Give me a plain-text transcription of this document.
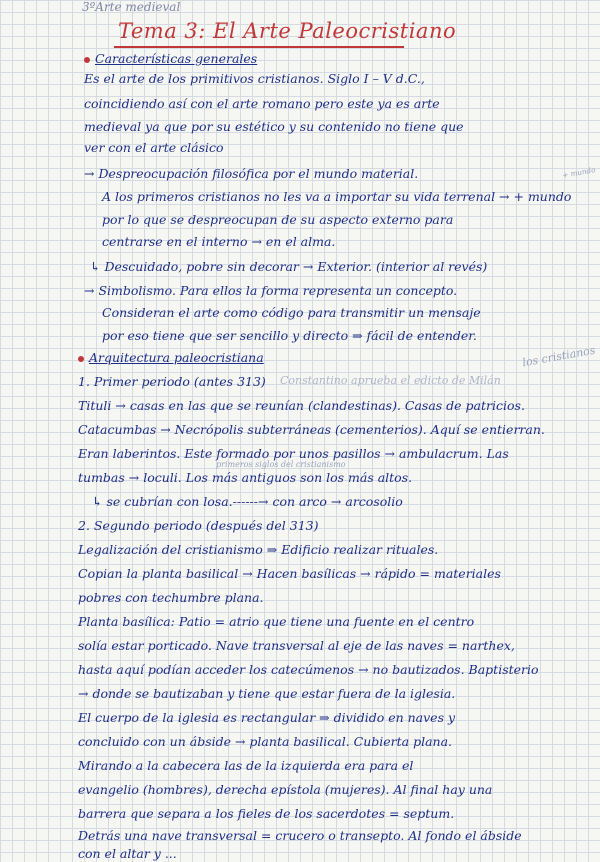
3ºArte medieval
Tema 3: El Arte Paleocristiano
Características generales
Es el arte de los primitivos cristianos. Siglo I – V d.C.,
coincidiendo así con el arte romano pero este ya es arte
medieval ya que por su estético y su contenido no tiene que
ver con el arte clásico
→ Despreocupación filosófica por el mundo material.
A los primeros cristianos no les va a importar su vida terrenal → + mundo
por lo que se despreocupan de su aspecto externo para
centrarse en el interno → en el alma.
↳ Descuidado, pobre sin decorar → Exterior. (interior al revés)
→ Simbolismo. Para ellos la forma representa un concepto.
Consideran el arte como código para transmitir un mensaje
por eso tiene que ser sencillo y directo ⇒ fácil de entender.
Arquitectura paleocristiana
1. Primer periodo (antes 313) Constantino aprueba el edicto de Milán
Tituli → casas en las que se reunían (clandestinas). Casas de patricios.
Catacumbas → Necrópolis subterráneas (cementerios). Aquí se entierran.
Eran laberintos. Este formado por unos pasillos → ambulacrum. Las
primeros siglos del cristianismo
tumbas → loculi. Los más antiguos son los más altos.
↳ se cubrían con losa.------→ con arco → arcosolio
2. Segundo periodo (después del 313)
Legalización del cristianismo ⇒ Edificio realizar rituales.
Copian la planta basilical → Hacen basílicas → rápido = materiales
pobres con techumbre plana.
Planta basílica: Patio = atrio que tiene una fuente en el centro
solía estar porticado. Nave transversal al eje de las naves = narthex,
hasta aquí podían acceder los catecúmenos → no bautizados. Baptisterio
→ donde se bautizaban y tiene que estar fuera de la iglesia.
El cuerpo de la iglesia es rectangular ⇒ dividido en naves y
concluido con un ábside → planta basilical. Cubierta plana.
Mirando a la cabecera las de la izquierda era para el
evangelio (hombres), derecha epístola (mujeres). Al final hay una
barrera que separa a los fieles de los sacerdotes = septum.
Detrás una nave transversal = crucero o transepto. Al fondo el ábside
con el altar y ...
los cristianos
+ mundo
